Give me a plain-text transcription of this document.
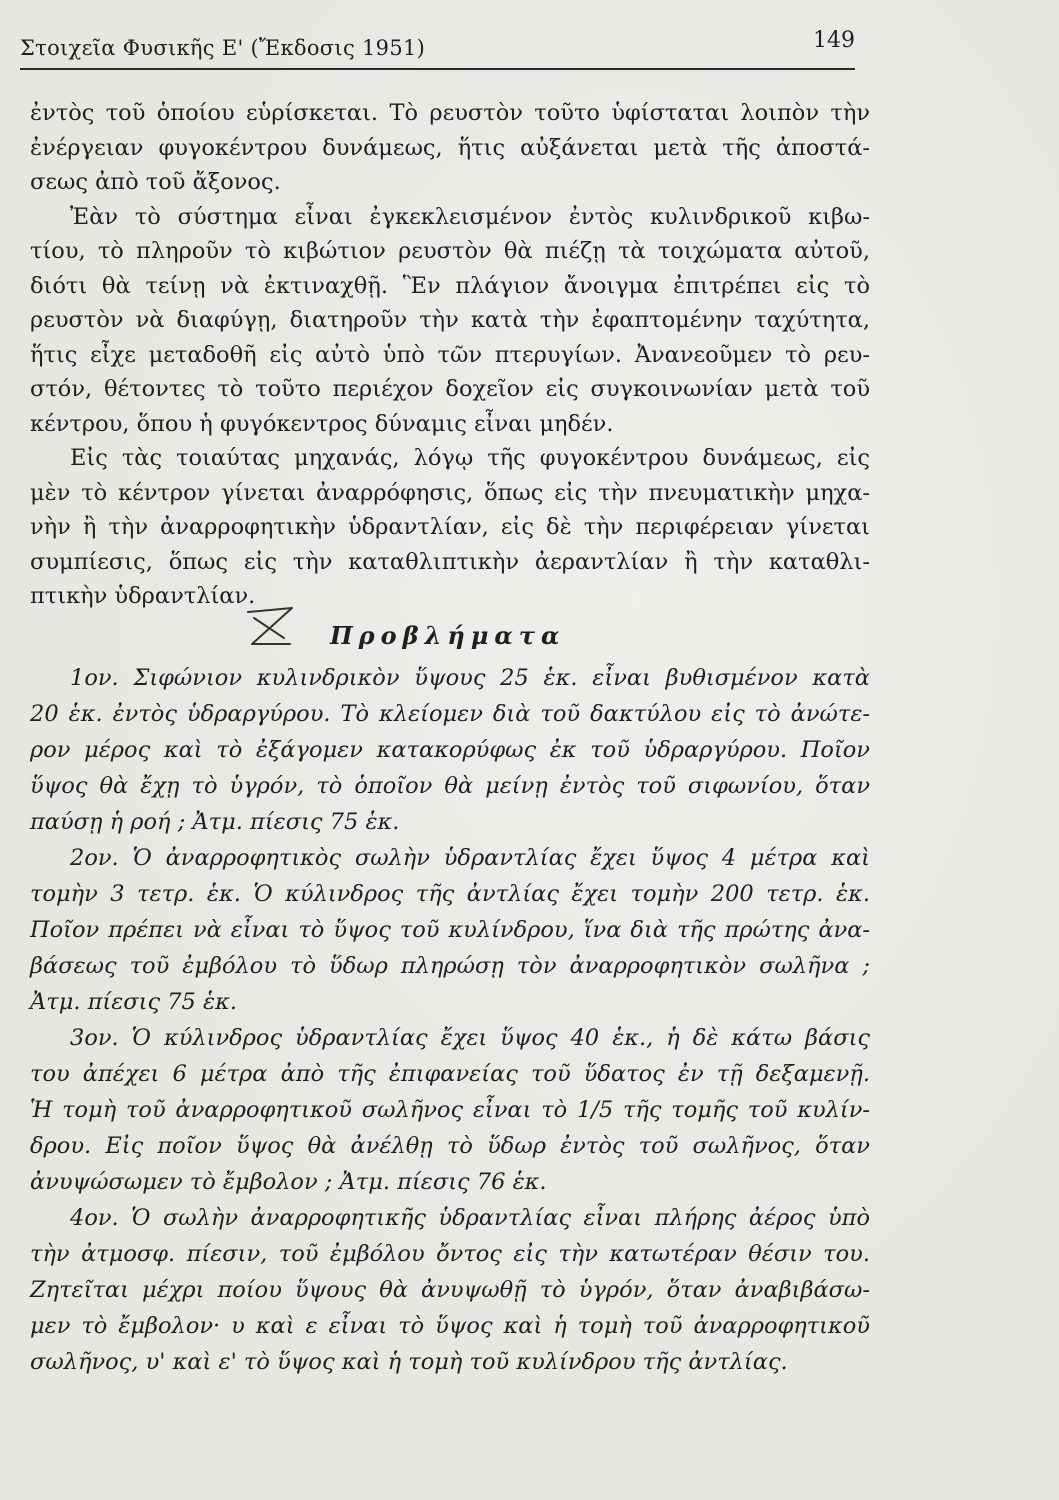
Στοιχεῖα Φυσικῆς Ε' (Ἔκδοσις 1951)	149
ἐντὸς τοῦ ὁποίου εὑρίσκεται. Τὸ ρευστὸν τοῦτο ὑφίσταται λοιπὸν τὴν
ἐνέργειαν φυγοκέντρου δυνάμεως, ἥτις αὐξάνεται μετὰ τῆς ἀποστά-
σεως ἀπὸ τοῦ ἄξονος.
Ἐὰν τὸ σύστημα εἶναι ἐγκεκλεισμένον ἐντὸς κυλινδρικοῦ κιβω-
τίου, τὸ πληροῦν τὸ κιβώτιον ρευστὸν θὰ πιέζῃ τὰ τοιχώματα αὐτοῦ,
διότι θὰ τείνῃ νὰ ἐκτιναχθῇ. Ἓν πλάγιον ἄνοιγμα ἐπιτρέπει εἰς τὸ
ρευστὸν νὰ διαφύγῃ, διατηροῦν τὴν κατὰ τὴν ἐφαπτομένην ταχύτητα,
ἥτις εἶχε μεταδοθῆ εἰς αὐτὸ ὑπὸ τῶν πτερυγίων. Ἀνανεοῦμεν τὸ ρευ-
στόν, θέτοντες τὸ τοῦτο περιέχον δοχεῖον εἰς συγκοινωνίαν μετὰ τοῦ
κέντρου, ὅπου ἡ φυγόκεντρος δύναμις εἶναι μηδέν.
Εἰς τὰς τοιαύτας μηχανάς, λόγῳ τῆς φυγοκέντρου δυνάμεως, εἰς
μὲν τὸ κέντρον γίνεται ἀναρρόφησις, ὅπως εἰς τὴν πνευματικὴν μηχα-
νὴν ἢ τὴν ἀναρροφητικὴν ὑδραντλίαν, εἰς δὲ τὴν περιφέρειαν γίνεται
συμπίεσις, ὅπως εἰς τὴν καταθλιπτικὴν ἀεραντλίαν ἢ τὴν καταθλι-
πτικὴν ὑδραντλίαν.
Προβλήματα
1ον. Σιφώνιον κυλινδρικὸν ὕψους 25 ἑκ. εἶναι βυθισμένον κατὰ
20 ἑκ. ἐντὸς ὑδραργύρου. Τὸ κλείομεν διὰ τοῦ δακτύλου εἰς τὸ ἀνώτε-
ρον μέρος καὶ τὸ ἐξάγομεν κατακορύφως ἐκ τοῦ ὑδραργύρου. Ποῖον
ὕψος θὰ ἔχῃ τὸ ὑγρόν, τὸ ὁποῖον θὰ μείνῃ ἐντὸς τοῦ σιφωνίου, ὅταν
παύσῃ ἡ ροή ; Ἀτμ. πίεσις 75 ἑκ.
2ον. Ὁ ἀναρροφητικὸς σωλὴν ὑδραντλίας ἔχει ὕψος 4 μέτρα καὶ
τομὴν 3 τετρ. ἑκ. Ὁ κύλινδρος τῆς ἀντλίας ἔχει τομὴν 200 τετρ. ἑκ.
Ποῖον πρέπει νὰ εἶναι τὸ ὕψος τοῦ κυλίνδρου, ἵνα διὰ τῆς πρώτης ἀνα-
βάσεως τοῦ ἐμβόλου τὸ ὕδωρ πληρώσῃ τὸν ἀναρροφητικὸν σωλῆνα ;
Ἀτμ. πίεσις 75 ἑκ.
3ον. Ὁ κύλινδρος ὑδραντλίας ἔχει ὕψος 40 ἑκ., ἡ δὲ κάτω βάσις
του ἀπέχει 6 μέτρα ἀπὸ τῆς ἐπιφανείας τοῦ ὕδατος ἐν τῇ δεξαμενῇ.
Ἡ τομὴ τοῦ ἀναρροφητικοῦ σωλῆνος εἶναι τὸ 1/5 τῆς τομῆς τοῦ κυλίν-
δρου. Εἰς ποῖον ὕψος θὰ ἀνέλθῃ τὸ ὕδωρ ἐντὸς τοῦ σωλῆνος, ὅταν
ἀνυψώσωμεν τὸ ἔμβολον ; Ἀτμ. πίεσις 76 ἑκ.
4ον. Ὁ σωλὴν ἀναρροφητικῆς ὑδραντλίας εἶναι πλήρης ἀέρος ὑπὸ
τὴν ἀτμοσφ. πίεσιν, τοῦ ἐμβόλου ὄντος εἰς τὴν κατωτέραν θέσιν του.
Ζητεῖται μέχρι ποίου ὕψους θὰ ἀνυψωθῇ τὸ ὑγρόν, ὅταν ἀναβιβάσω-
μεν τὸ ἔμβολον· υ καὶ ε εἶναι τὸ ὕψος καὶ ἡ τομὴ τοῦ ἀναρροφητικοῦ
σωλῆνος, υ' καὶ ε' τὸ ὕψος καὶ ἡ τομὴ τοῦ κυλίνδρου τῆς ἀντλίας.
